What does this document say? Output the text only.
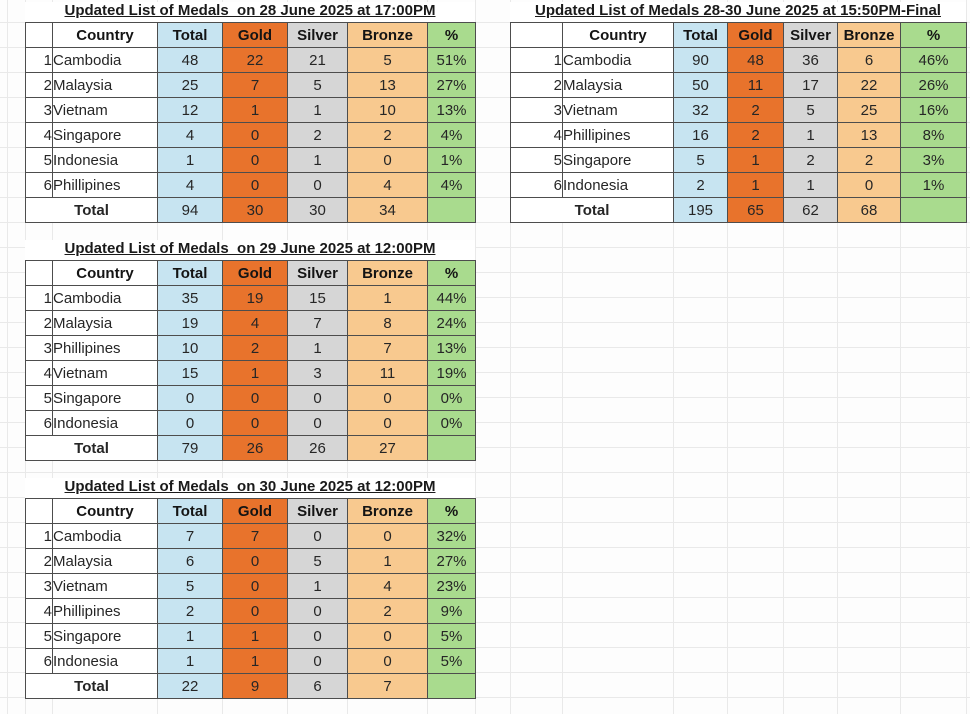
Updated List of Medals  on 28 June 2025 at 17:00PM
	Country	Total	Gold	Silver	Bronze	%
1	Cambodia	48	22	21	5	51%
2	Malaysia	25	7	5	13	27%
3	Vietnam	12	1	1	10	13%
4	Singapore	4	0	2	2	4%
5	Indonesia	1	0	1	0	1%
6	Phillipines	4	0	0	4	4%
Total		94	30	30	34	
Updated List of Medals 28-30 June 2025 at 15:50PM-Final
	Country	Total	Gold	Silver	Bronze	%
1	Cambodia	90	48	36	6	46%
2	Malaysia	50	11	17	22	26%
3	Vietnam	32	2	5	25	16%
4	Phillipines	16	2	1	13	8%
5	Singapore	5	1	2	2	3%
6	Indonesia	2	1	1	0	1%
Total		195	65	62	68	
Updated List of Medals  on 29 June 2025 at 12:00PM
	Country	Total	Gold	Silver	Bronze	%
1	Cambodia	35	19	15	1	44%
2	Malaysia	19	4	7	8	24%
3	Phillipines	10	2	1	7	13%
4	Vietnam	15	1	3	11	19%
5	Singapore	0	0	0	0	0%
6	Indonesia	0	0	0	0	0%
Total		79	26	26	27	
Updated List of Medals  on 30 June 2025 at 12:00PM
	Country	Total	Gold	Silver	Bronze	%
1	Cambodia	7	7	0	0	32%
2	Malaysia	6	0	5	1	27%
3	Vietnam	5	0	1	4	23%
4	Phillipines	2	0	0	2	9%
5	Singapore	1	1	0	0	5%
6	Indonesia	1	1	0	0	5%
Total		22	9	6	7	
